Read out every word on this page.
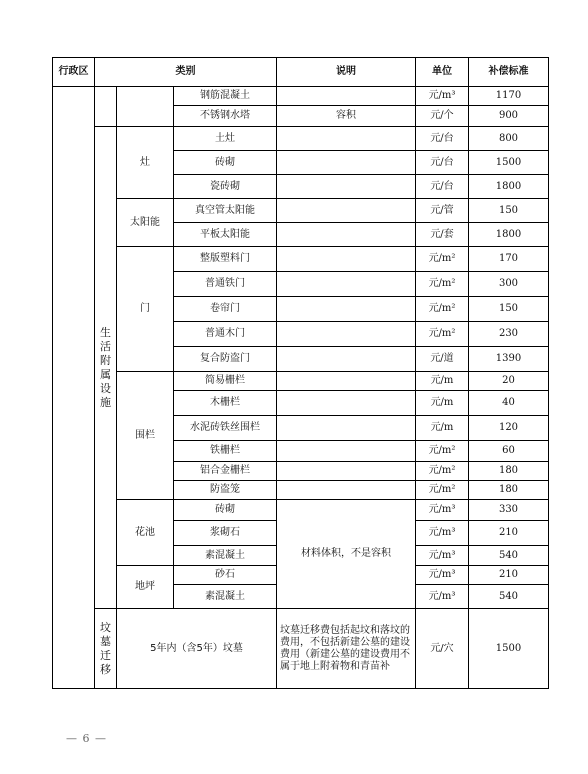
行政区	类别			说明	单位	补偿标准
			钢筋混凝土		元/m³	1170
			不锈钢水塔	容积	元/个	900
	生活附属设施	灶	土灶		元/台	800
			砖砌		元/台	1500
			瓷砖砌		元/台	1800
		太阳能	真空管太阳能		元/管	150
			平板太阳能		元/套	1800
		门	整版塑料门		元/m²	170
			普通铁门		元/m²	300
			卷帘门		元/m²	150
			普通木门		元/m²	230
			复合防盗门		元/道	1390
		围栏	简易栅栏		元/m	20
			木栅栏		元/m	40
			水泥砖铁丝围栏		元/m	120
			铁栅栏		元/m²	60
			铝合金栅栏		元/m²	180
			防盗笼		元/m²	180
		花池	砖砌	材料体积，不是容积	元/m³	330
			浆砌石		元/m³	210
			素混凝土		元/m³	540
		地坪	砂石		元/m³	210
			素混凝土		元/m³	540
	坟墓迁移	5年内（含5年）坟墓		坟墓迁移费包括起坟和落坟的费用，不包括新建公墓的建设费用（新建公墓的建设费用不属于地上附着物和青苗补	元/穴	1500
— 6 —
